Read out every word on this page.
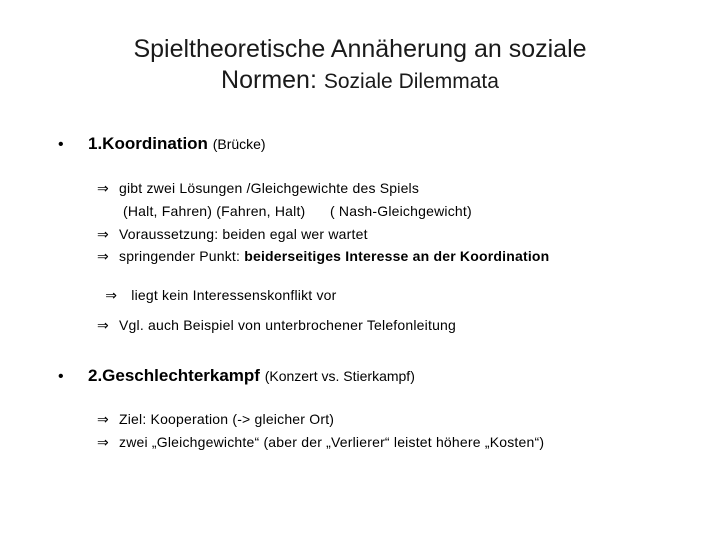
Spieltheoretische Annäherung an soziale
Normen: Soziale Dilemmata
• 1.Koordination (Brücke)
⇒ gibt zwei Lösungen /Gleichgewichte des Spiels
(Halt, Fahren) (Fahren, Halt)      ( Nash-Gleichgewicht)
⇒ Voraussetzung: beiden egal wer wartet
⇒ springender Punkt: beiderseitiges Interesse an der Koordination

⇒ liegt kein Interessenskonflikt vor

⇒ Vgl. auch Beispiel von unterbrochener Telefonleitung
• 2.Geschlechterkampf (Konzert vs. Stierkampf)
⇒ Ziel: Kooperation (-> gleicher Ort)
⇒ zwei „Gleichgewichte“ (aber der „Verlierer“ leistet höhere „Kosten“)
